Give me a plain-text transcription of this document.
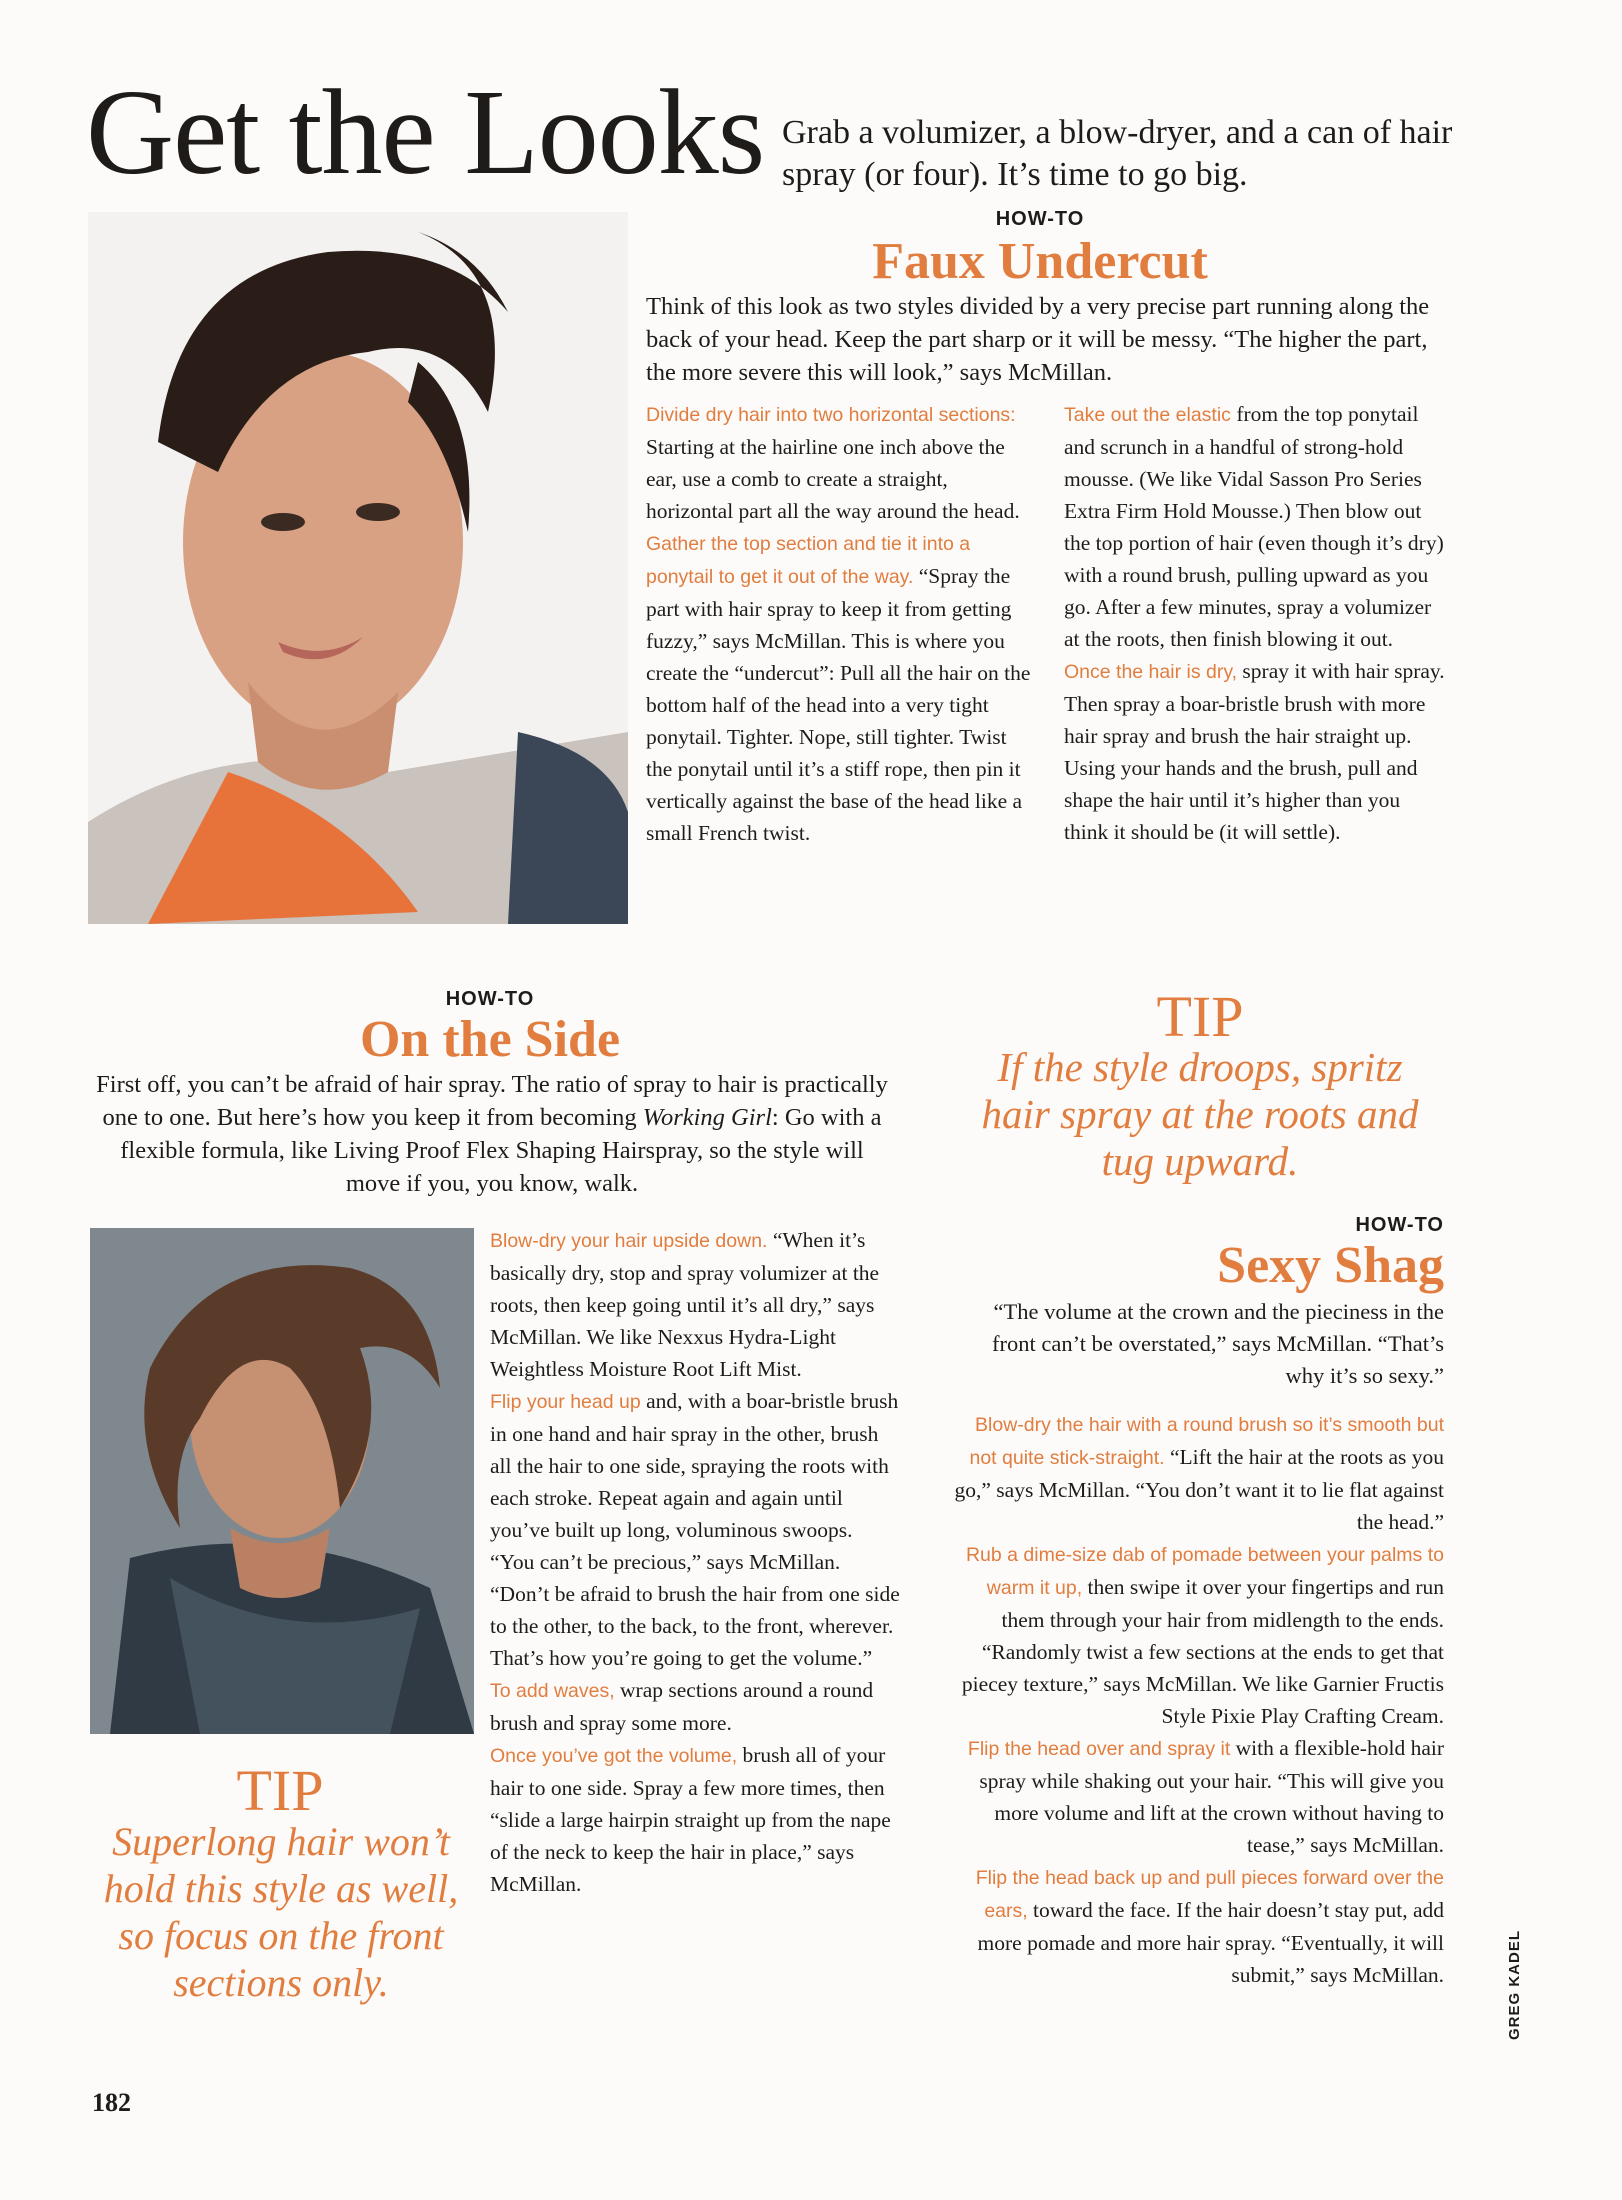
Get the Looks Grab a volumizer, a blow-dryer, and a can of hair spray (or four). It’s time to go big.
HOW-TO
Faux Undercut
Think of this look as two styles divided by a very precise part running along the back of your head. Keep the part sharp or it will be messy. “The higher the part, the more severe this will look,” says McMillan.

Divide dry hair into two horizontal sections: Starting at the hairline one inch above the ear, use a comb to create a straight, horizontal part all the way around the head.

Gather the top section and tie it into a ponytail to get it out of the way. “Spray the part with hair spray to keep it from getting fuzzy,” says McMillan. This is where you create the “undercut”: Pull all the hair on the bottom half of the head into a very tight ponytail. Tighter. Nope, still tighter. Twist the ponytail until it’s a stiff rope, then pin it vertically against the base of the head like a small French twist.

Take out the elastic from the top ponytail and scrunch in a handful of strong-hold mousse. (We like Vidal Sasson Pro Series Extra Firm Hold Mousse.) Then blow out the top portion of hair (even though it’s dry) with a round brush, pulling upward as you go. After a few minutes, spray a volumizer at the roots, then finish blowing it out.

Once the hair is dry, spray it with hair spray. Then spray a boar-bristle brush with more hair spray and brush the hair straight up. Using your hands and the brush, pull and shape the hair until it’s higher than you think it should be (it will settle).

HOW-TO
On the Side
First off, you can’t be afraid of hair spray. The ratio of spray to hair is practically one to one. But here’s how you keep it from becoming Working Girl: Go with a flexible formula, like Living Proof Flex Shaping Hairspray, so the style will move if you, you know, walk.

Blow-dry your hair upside down. “When it’s basically dry, stop and spray volumizer at the roots, then keep going until it’s all dry,” says McMillan. We like Nexxus Hydra-Light Weightless Moisture Root Lift Mist.

Flip your head up and, with a boar-bristle brush in one hand and hair spray in the other, brush all the hair to one side, spraying the roots with each stroke. Repeat again and again until you’ve built up long, voluminous swoops. “You can’t be precious,” says McMillan. “Don’t be afraid to brush the hair from one side to the other, to the back, to the front, wherever. That’s how you’re going to get the volume.”

To add waves, wrap sections around a round brush and spray some more.

Once you’ve got the volume, brush all of your hair to one side. Spray a few more times, then “slide a large hairpin straight up from the nape of the neck to keep the hair in place,” says McMillan.

TIP
Superlong hair won’t hold this style as well, so focus on the front sections only.
TIP
If the style droops, spritz hair spray at the roots and tug upward.
HOW-TO
Sexy Shag
“The volume at the crown and the pieciness in the front can’t be overstated,” says McMillan. “That’s why it’s so sexy.”

Blow-dry the hair with a round brush so it’s smooth but not quite stick-straight. “Lift the hair at the roots as you go,” says McMillan. “You don’t want it to lie flat against the head.”

Rub a dime-size dab of pomade between your palms to warm it up, then swipe it over your fingertips and run them through your hair from midlength to the ends. “Randomly twist a few sections at the ends to get that piecey texture,” says McMillan. We like Garnier Fructis Style Pixie Play Crafting Cream.

Flip the head over and spray it with a flexible-hold hair spray while shaking out your hair. “This will give you more volume and lift at the crown without having to tease,” says McMillan.

Flip the head back up and pull pieces forward over the ears, toward the face. If the hair doesn’t stay put, add more pomade and more hair spray. “Eventually, it will submit,” says McMillan.

182
GREG KADEL
